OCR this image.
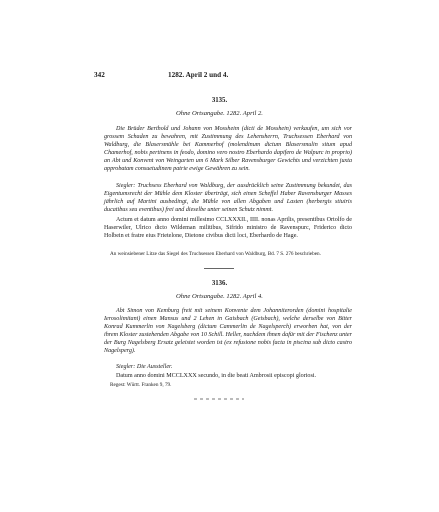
342	1282. April 2 und 4.
3135.
Ohne Ortsangabe. 1282. April 2.

Die Brüder Berthold und Johann von Mossheim (dicti de Mosshein) verkaufen, um sich vor grossem Schaden zu bewahren, mit Zustimmung des Lehensherrn, Truchsessen Eberhard von Waldburg, die Blasersmühle bei Kammerhof (molendinum dictum Blasersmulin situm apud Chamerhof, nobis pertinens in feodo, domino vero nostro Eberhardo dapifero de Walpurc in proprio) an Abt und Konvent von Weingarten um 6 Mark Silber Ravensburger Gewichts und verzichten juxta approbatam consuetudinem patrie ewige Gewähren zu sein.

Siegler: Truchsess Eberhard von Waldburg, der ausdrücklich seine Zustimmung bekundet, das Eigentumsrecht der Mühle dem Kloster überträgt, sich einen Scheffel Haber Ravensburger Masses jährlich auf Martini ausbedingt, die Mühle von allen Abgaben und Lasten (herbergis stiuiris ducatibus seu eventibus) frei und dieselbe unter seinen Schutz nimmt.

Actum et datum anno domini millesimo CCLXXXII., IIII. nonas Aprilis, presentibus Ortolfo de Haserwiler, Ulrico dicto Wildeman militibus, Sifrido ministro de Ravenspurc, Friderico dicto Holbein et fratre eius Frietelone, Dietone civibus dicti loci, Eberhardo de Hage.

An weinsiebener Litze das Siegel des Truchsessen Eberhard von Waldburg, Bd. 7 S. 276 beschrieben.
3136.
Ohne Ortsangabe. 1282. April 4.

Abt Simon von Kemburg freit mit seinem Konvente dem Johanniterorden (domini hospitalie Ierosolimitani) einen Mansus und 2 Lehen in Gaisbach (Geisbach), welche derselbe von Bitter Konrad Kummerlin von Nagelsberg (dictum Cammerlin de Nagelsperch) erworben hat, von der ihrem Kloster zustehenden Abgabe von 10 Schill. Heller, nachdem ihnen dafür mit der Fischenz unter der Burg Nagelsberg Ersatz geleistet worden ist (ex refusione nobis facta in piscina sub dicto castro Nagelsperg).

Siegler: Die Aussteller.

Datum anno domini MCCLXXX secundo, in die beati Ambrosii episcopi gloriosi.

Regest: Württ. Franken 9, 79.
